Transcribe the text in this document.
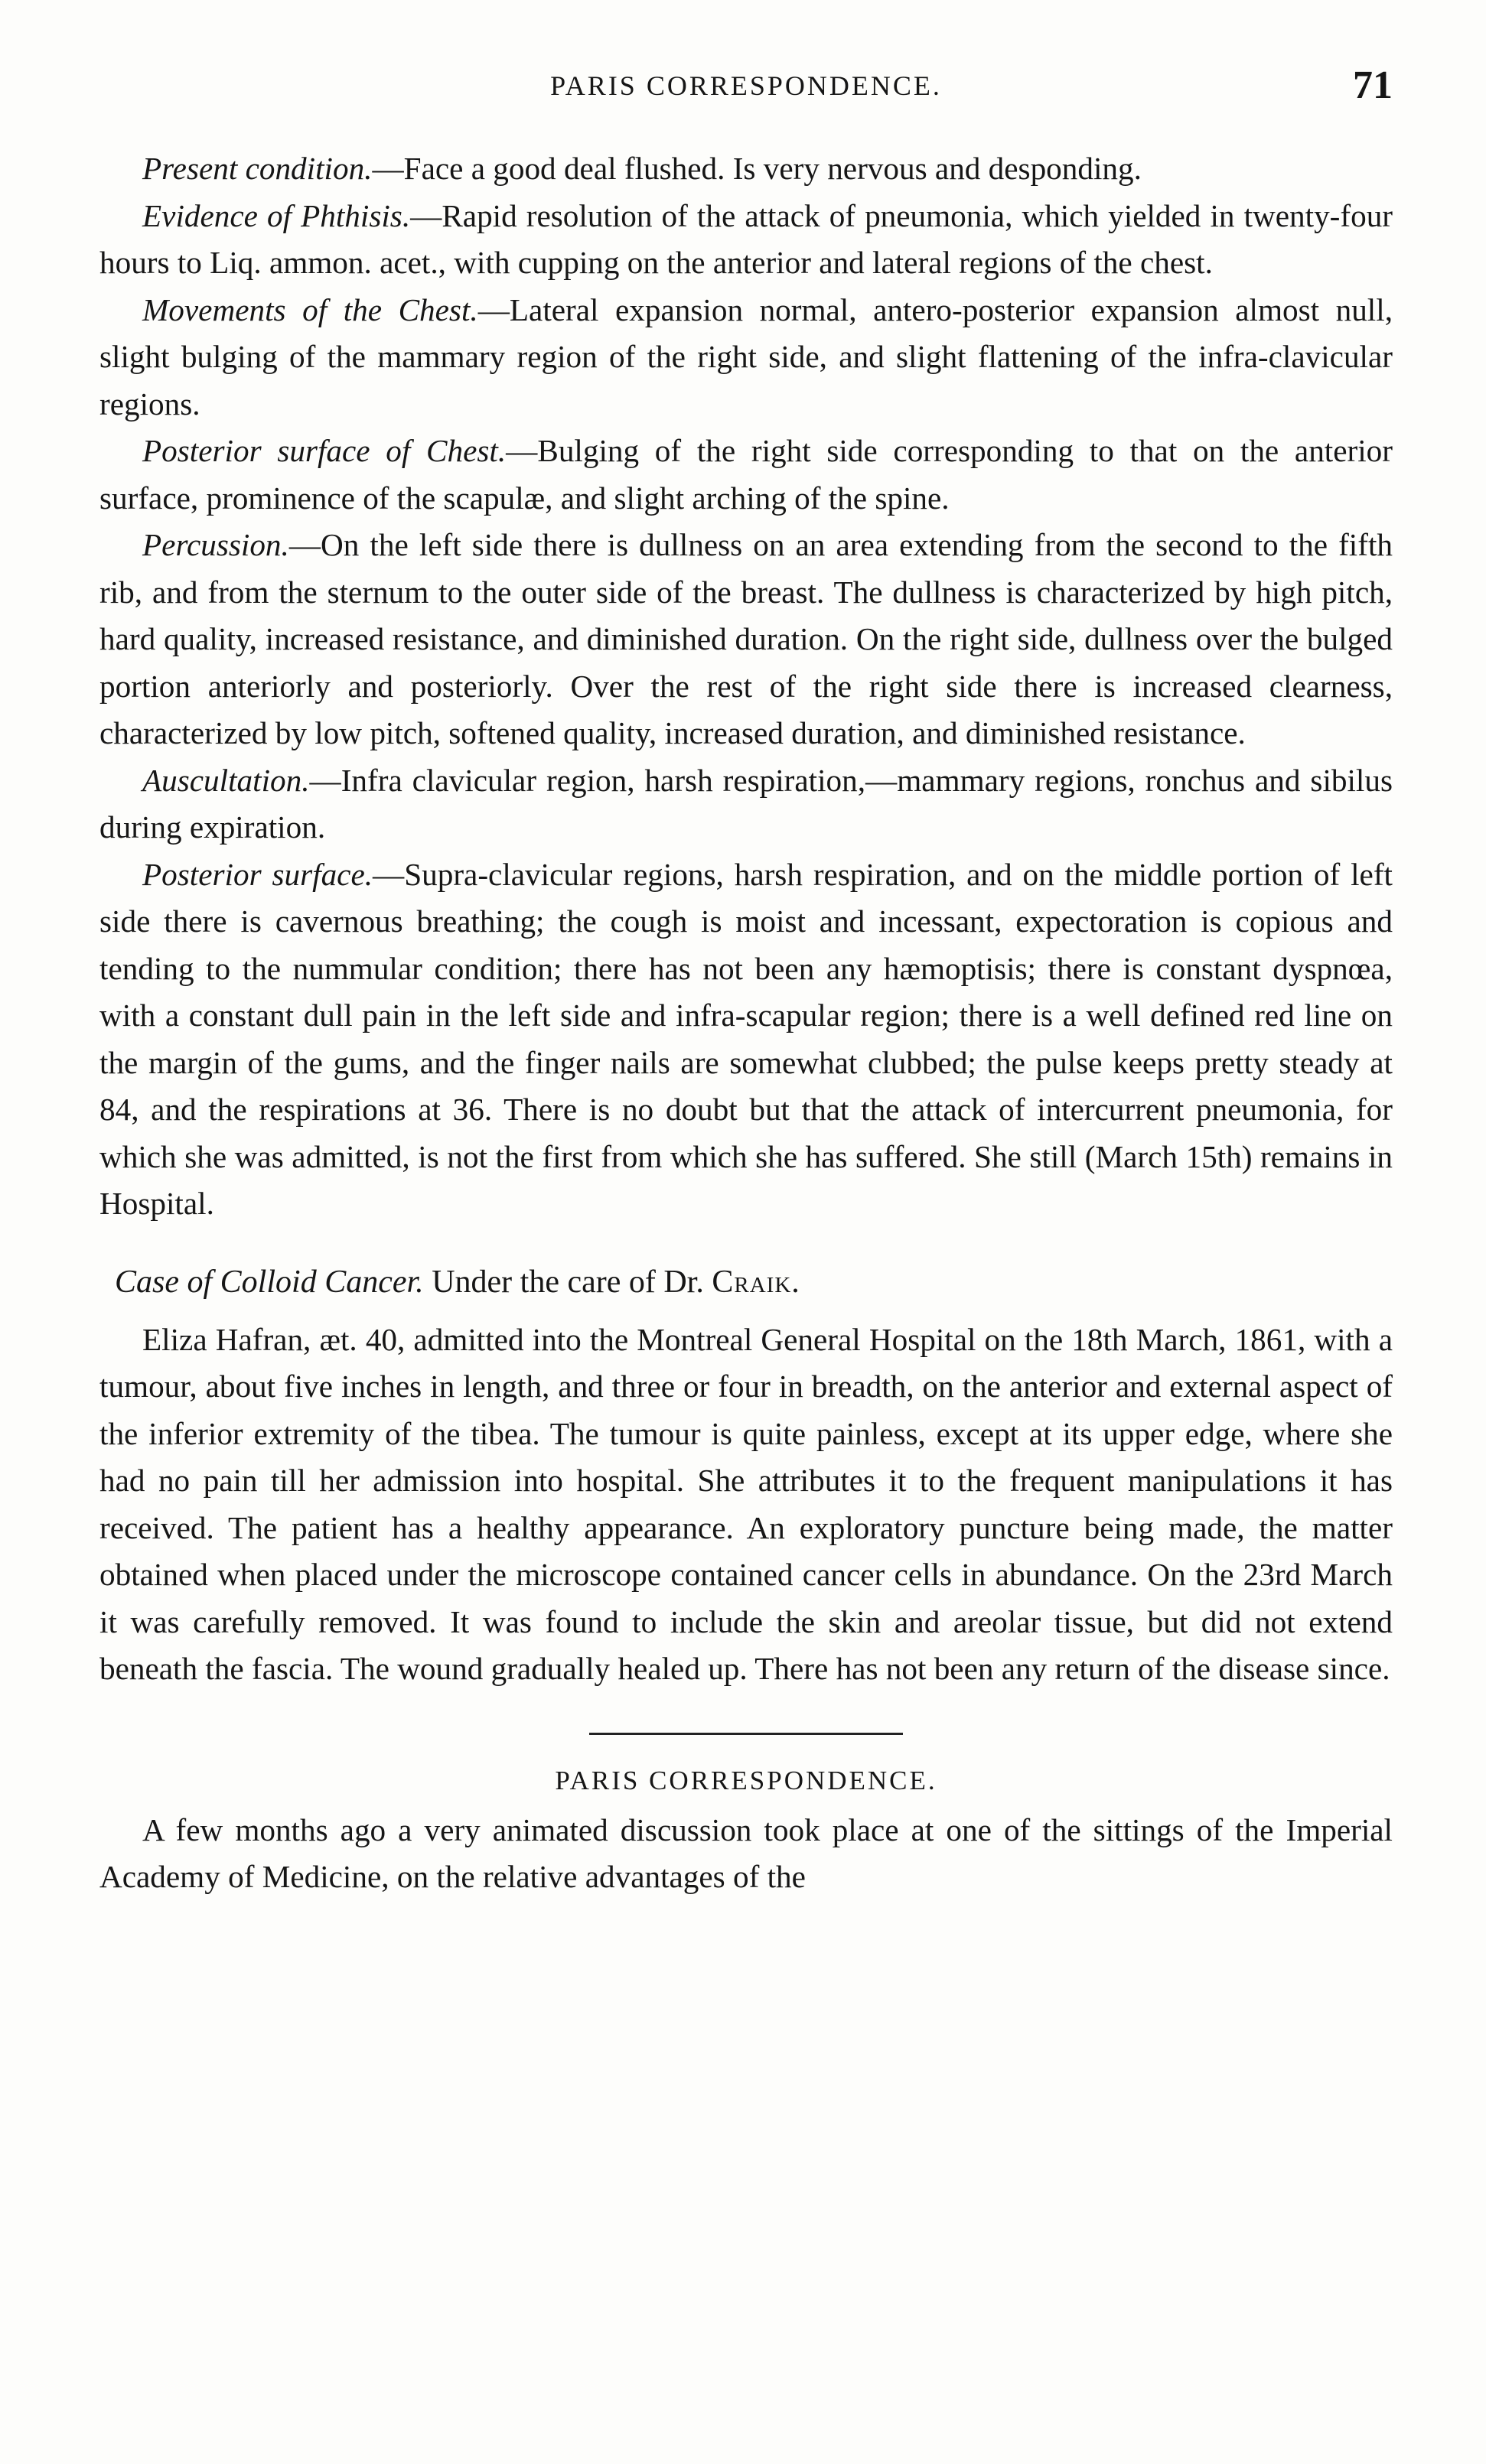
PARIS CORRESPONDENCE.	71

Present condition.—Face a good deal flushed. Is very nervous and desponding.

Evidence of Phthisis.—Rapid resolution of the attack of pneumonia, which yielded in twenty-four hours to Liq. ammon. acet., with cupping on the anterior and lateral regions of the chest.

Movements of the Chest.—Lateral expansion normal, antero-posterior expansion almost null, slight bulging of the mammary region of the right side, and slight flattening of the infra-clavicular regions.

Posterior surface of Chest.—Bulging of the right side corresponding to that on the anterior surface, prominence of the scapulæ, and slight arching of the spine.

Percussion.—On the left side there is dullness on an area extending from the second to the fifth rib, and from the sternum to the outer side of the breast. The dullness is characterized by high pitch, hard quality, increased resistance, and diminished duration. On the right side, dullness over the bulged portion anteriorly and posteriorly. Over the rest of the right side there is increased clearness, characterized by low pitch, softened quality, increased duration, and diminished resistance.

Auscultation.—Infra clavicular region, harsh respiration,—mammary regions, ronchus and sibilus during expiration.

Posterior surface.—Supra-clavicular regions, harsh respiration, and on the middle portion of left side there is cavernous breathing; the cough is moist and incessant, expectoration is copious and tending to the nummular condition; there has not been any hæmoptisis; there is constant dyspnœa, with a constant dull pain in the left side and infra-scapular region; there is a well defined red line on the margin of the gums, and the finger nails are somewhat clubbed; the pulse keeps pretty steady at 84, and the respirations at 36. There is no doubt but that the attack of intercurrent pneumonia, for which she was admitted, is not the first from which she has suffered. She still (March 15th) remains in Hospital.

Case of Colloid Cancer. Under the care of Dr. Craik.

Eliza Hafran, æt. 40, admitted into the Montreal General Hospital on the 18th March, 1861, with a tumour, about five inches in length, and three or four in breadth, on the anterior and external aspect of the inferior extremity of the tibea. The tumour is quite painless, except at its upper edge, where she had no pain till her admission into hospital. She attributes it to the frequent manipulations it has received. The patient has a healthy appearance. An exploratory puncture being made, the matter obtained when placed under the microscope contained cancer cells in abundance. On the 23rd March it was carefully removed. It was found to include the skin and areolar tissue, but did not extend beneath the fascia. The wound gradually healed up. There has not been any return of the disease since.

PARIS CORRESPONDENCE.

A few months ago a very animated discussion took place at one of the sittings of the Imperial Academy of Medicine, on the relative advantages of the
